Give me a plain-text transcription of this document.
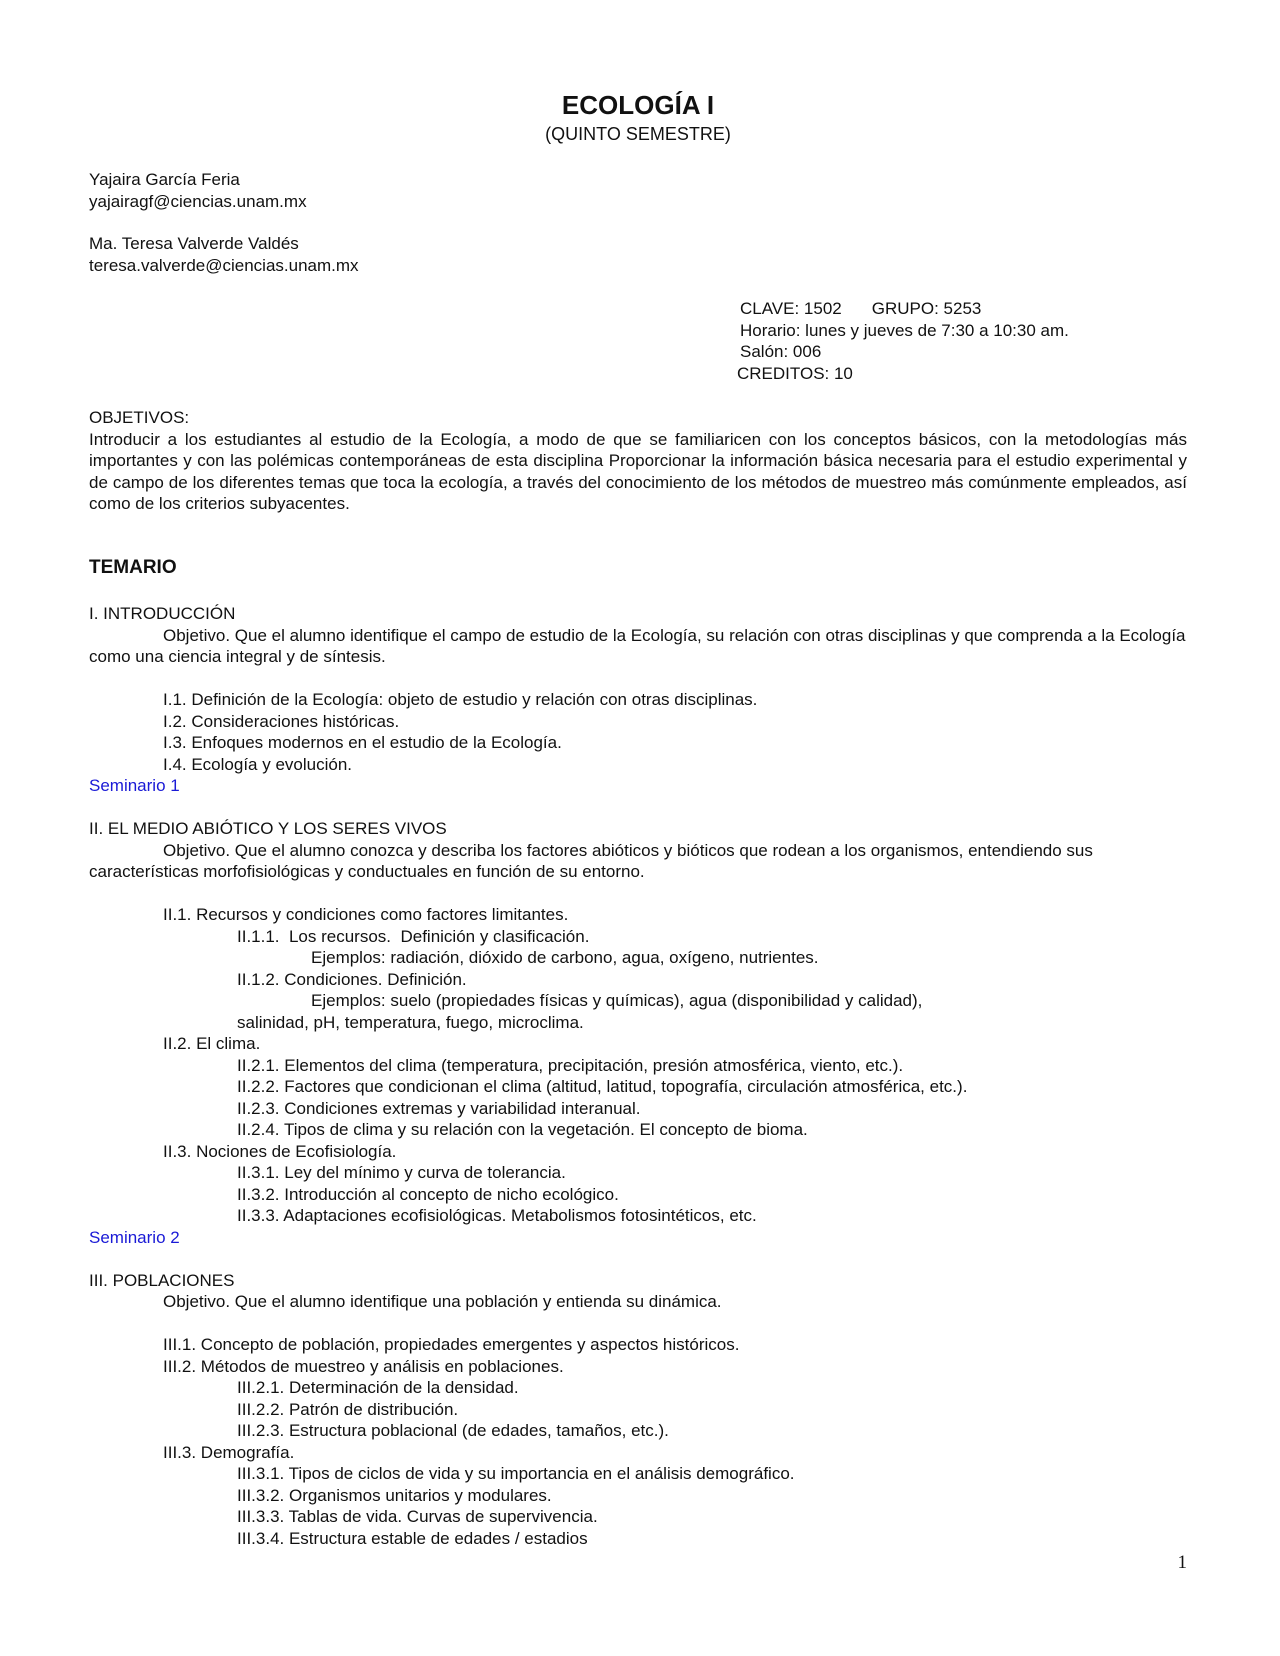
ECOLOGÍA I
(QUINTO SEMESTRE)
Yajaira García Feria
yajairagf@ciencias.unam.mx
Ma. Teresa Valverde Valdés
teresa.valverde@ciencias.unam.mx
CLAVE: 1502 GRUPO: 5253
Horario: lunes y jueves de 7:30 a 10:30 am.
Salón: 006
CREDITOS: 10
OBJETIVOS:
Introducir a los estudiantes al estudio de la Ecología, a modo de que se familiaricen con los conceptos básicos, con la metodologías más importantes y con las polémicas contemporáneas de esta disciplina Proporcionar la información básica necesaria para el estudio experimental y de campo de los diferentes temas que toca la ecología, a través del conocimiento de los métodos de muestreo más comúnmente empleados, así como de los criterios subyacentes.
TEMARIO
I. INTRODUCCIÓN

Objetivo. Que el alumno identifique el campo de estudio de la Ecología, su relación con otras disciplinas y que comprenda a la Ecología como una ciencia integral y de síntesis.

I.1. Definición de la Ecología: objeto de estudio y relación con otras disciplinas.
I.2. Consideraciones históricas.
I.3. Enfoques modernos en el estudio de la Ecología.
I.4. Ecología y evolución.
Seminario 1
II. EL MEDIO ABIÓTICO Y LOS SERES VIVOS

Objetivo. Que el alumno conozca y describa los factores abióticos y bióticos que rodean a los organismos, entendiendo sus características morfofisiológicas y conductuales en función de su entorno.

II.1. Recursos y condiciones como factores limitantes.
II.1.1.  Los recursos.  Definición y clasificación.
Ejemplos: radiación, dióxido de carbono, agua, oxígeno, nutrientes.
II.1.2. Condiciones. Definición.
Ejemplos: suelo (propiedades físicas y químicas), agua (disponibilidad y calidad), salinidad, pH, temperatura, fuego, microclima.
II.2. El clima.
II.2.1. Elementos del clima (temperatura, precipitación, presión atmosférica, viento, etc.).
II.2.2. Factores que condicionan el clima (altitud, latitud, topografía, circulación atmosférica, etc.).
II.2.3. Condiciones extremas y variabilidad interanual.
II.2.4. Tipos de clima y su relación con la vegetación. El concepto de bioma.
II.3. Nociones de Ecofisiología.
II.3.1. Ley del mínimo y curva de tolerancia.
II.3.2. Introducción al concepto de nicho ecológico.
II.3.3. Adaptaciones ecofisiológicas. Metabolismos fotosintéticos, etc.
Seminario 2
III. POBLACIONES
Objetivo. Que el alumno identifique una población y entienda su dinámica.
III.1. Concepto de población, propiedades emergentes y aspectos históricos.
III.2. Métodos de muestreo y análisis en poblaciones.
III.2.1. Determinación de la densidad.
III.2.2. Patrón de distribución.
III.2.3. Estructura poblacional (de edades, tamaños, etc.).
III.3. Demografía.
III.3.1. Tipos de ciclos de vida y su importancia en el análisis demográfico.
III.3.2. Organismos unitarios y modulares.
III.3.3. Tablas de vida. Curvas de supervivencia.
III.3.4. Estructura estable de edades / estadios
1
